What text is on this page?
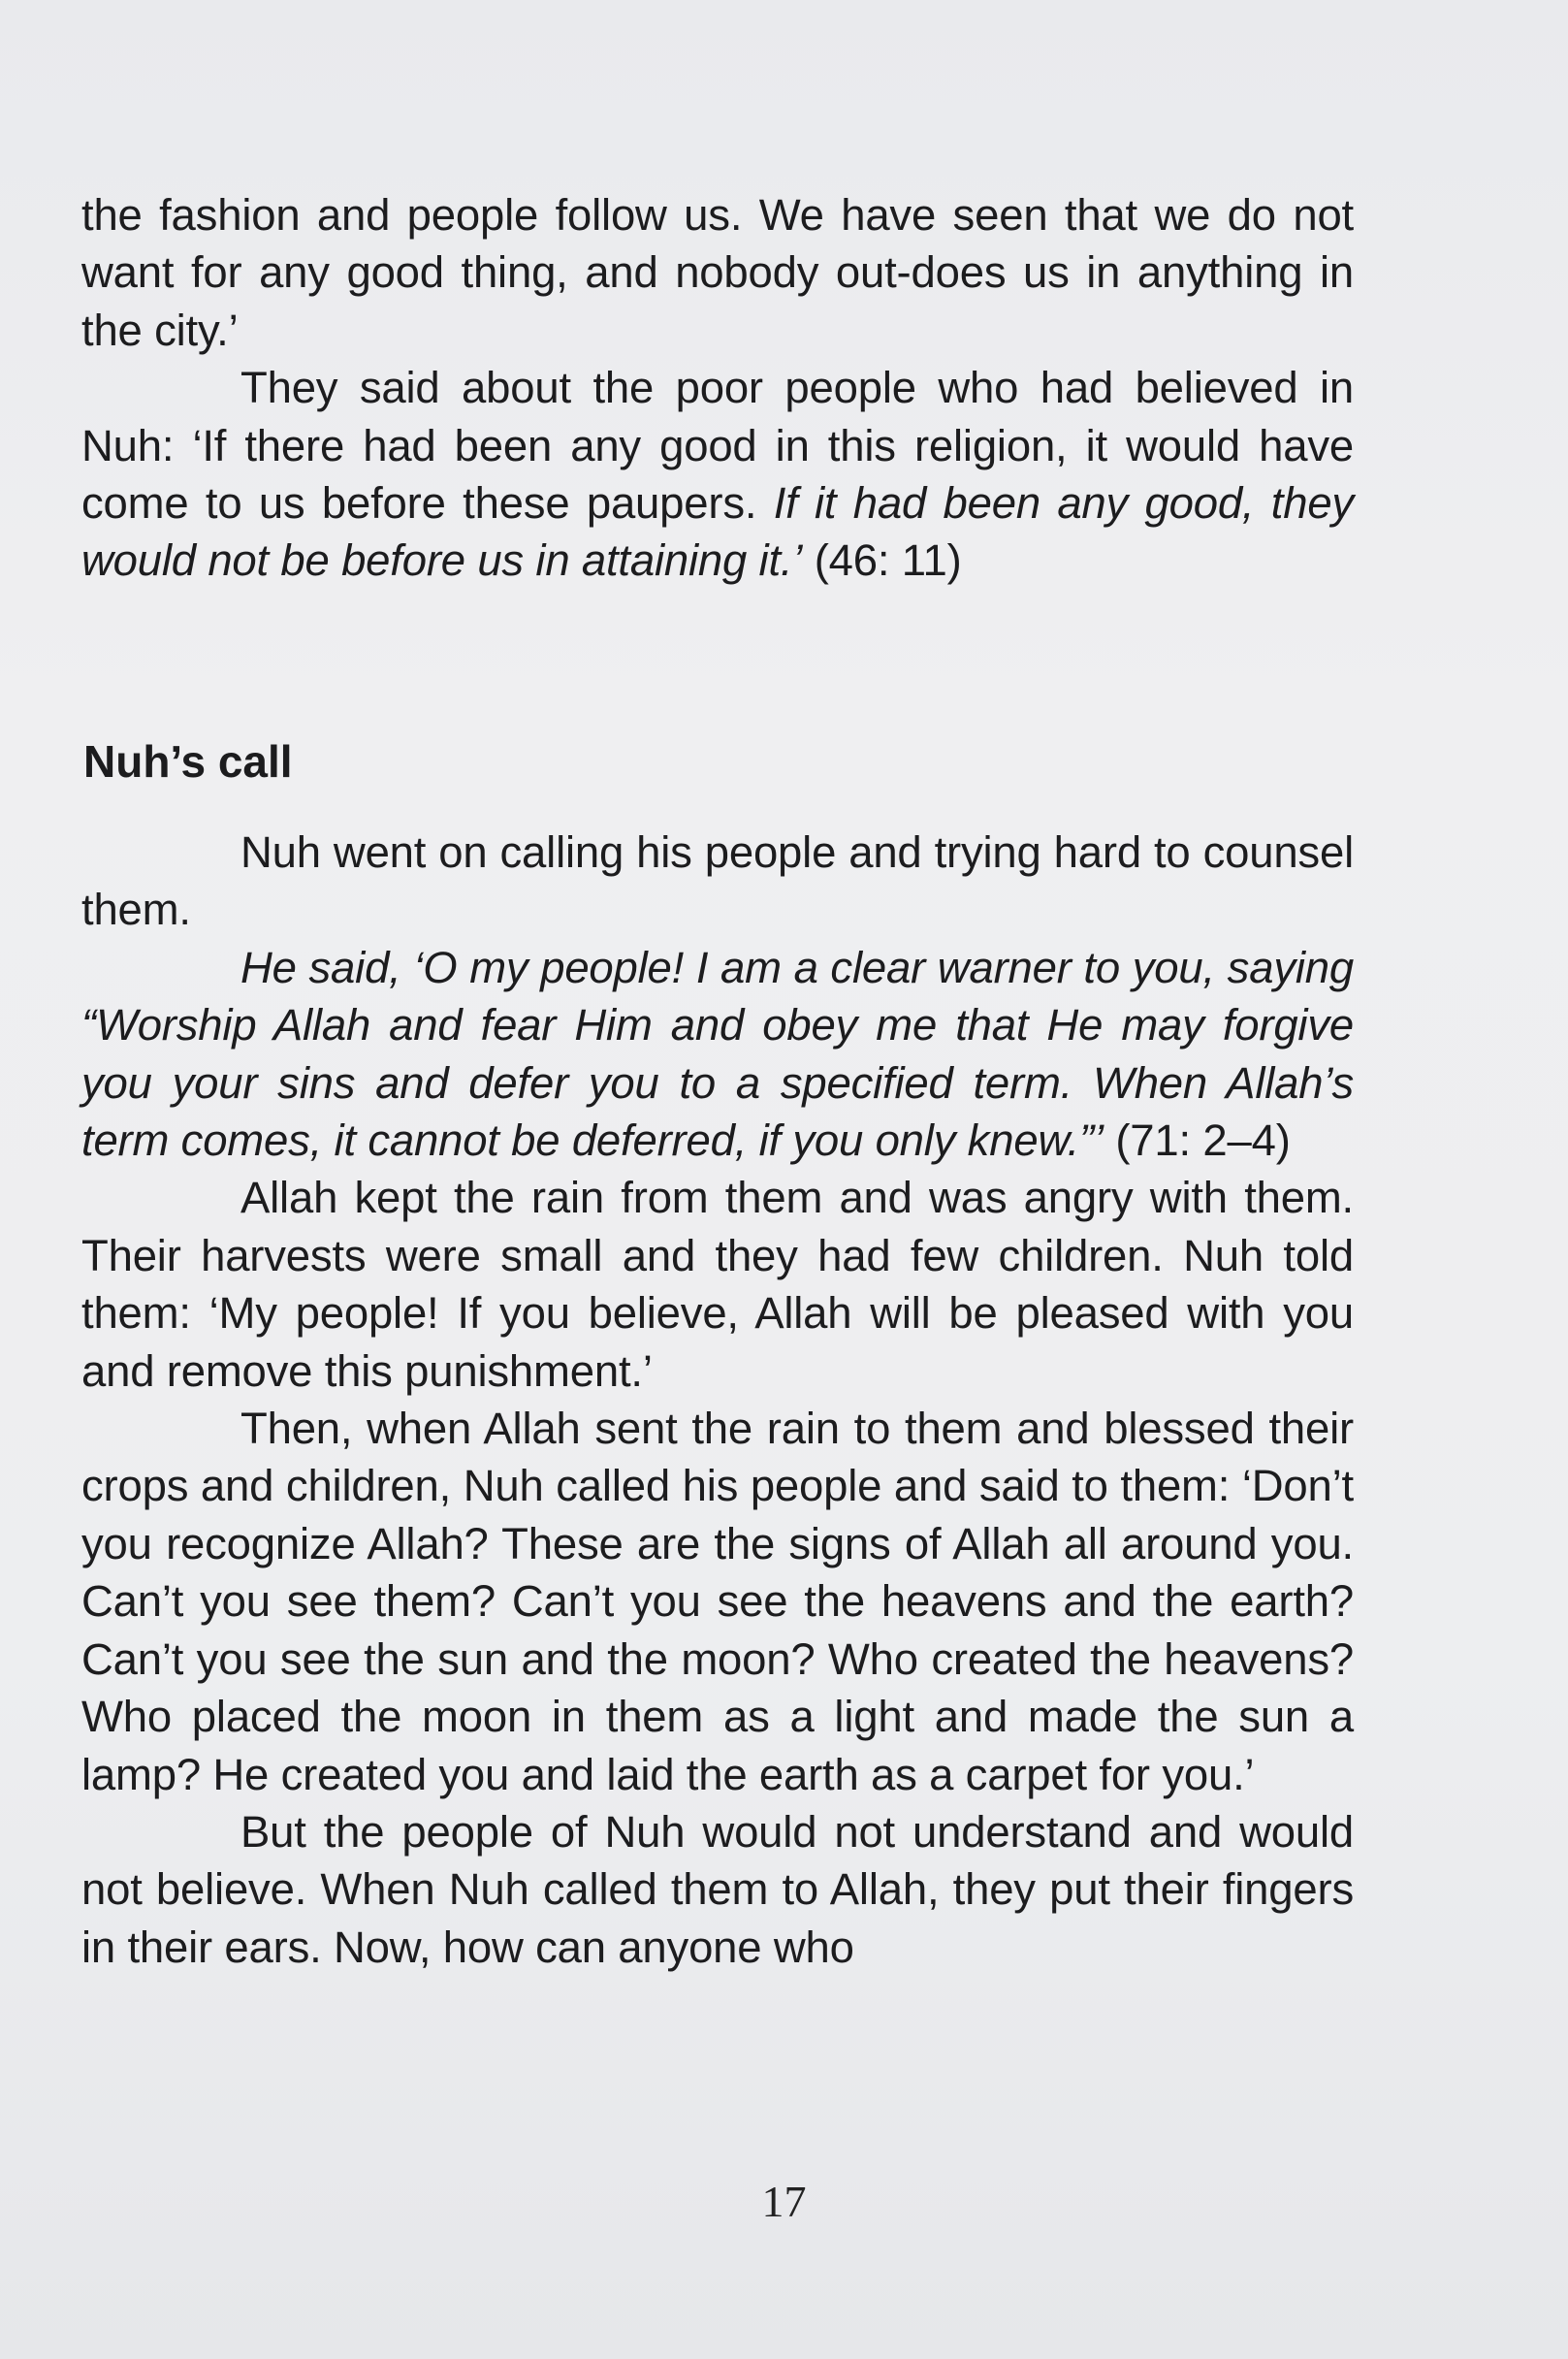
the fashion and people follow us. We have seen that we do not want for any good thing, and nobody out-does us in anything in the city.’

They said about the poor people who had believed in Nuh: ‘If there had been any good in this religion, it would have come to us before these paupers. If it had been any good, they would not be before us in attaining it.’ (46: 11)

Nuh’s call

Nuh went on calling his people and trying hard to counsel them.

He said, ‘O my people! I am a clear warner to you, saying “Worship Allah and fear Him and obey me that He may forgive you your sins and defer you to a specified term. When Allah’s term comes, it cannot be deferred, if you only knew.”’ (71: 2–4)

Allah kept the rain from them and was angry with them. Their harvests were small and they had few children. Nuh told them: ‘My people! If you believe, Allah will be pleased with you and remove this punishment.’

Then, when Allah sent the rain to them and blessed their crops and children, Nuh called his people and said to them: ‘Don’t you recognize Allah? These are the signs of Allah all around you. Can’t you see them? Can’t you see the heavens and the earth? Can’t you see the sun and the moon? Who created the heavens? Who placed the moon in them as a light and made the sun a lamp? He created you and laid the earth as a carpet for you.’

But the people of Nuh would not understand and would not believe. When Nuh called them to Allah, they put their fingers in their ears. Now, how can anyone who

17
